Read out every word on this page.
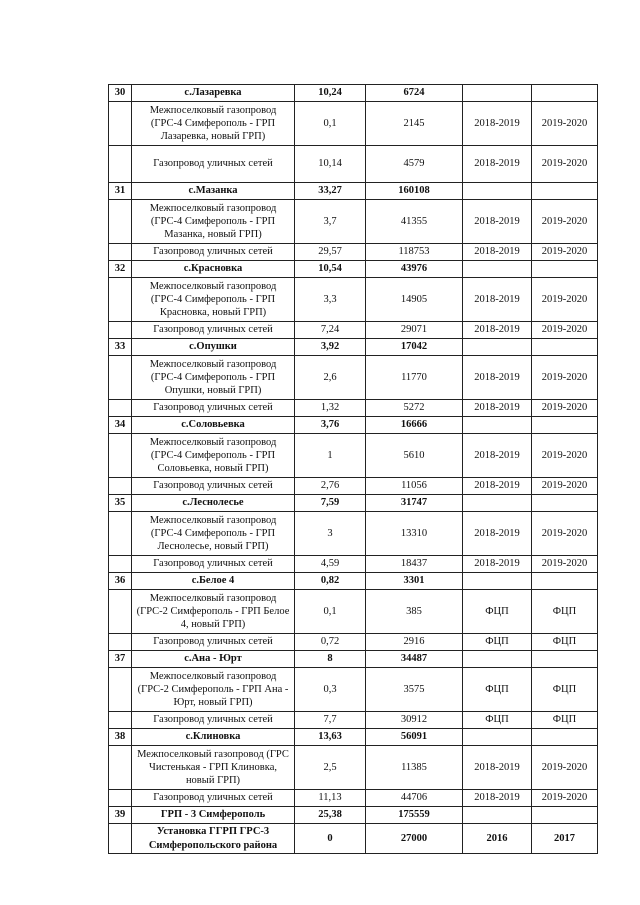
30	с.Лазаревка	10,24	6724		
	Межпоселковый газопровод (ГРС-4 Симферополь - ГРП Лазаревка, новый ГРП)	0,1	2145	2018-2019	2019-2020
	Газопровод уличных сетей	10,14	4579	2018-2019	2019-2020
31	с.Мазанка	33,27	160108		
	Межпоселковый газопровод (ГРС-4 Симферополь - ГРП Мазанка, новый ГРП)	3,7	41355	2018-2019	2019-2020
	Газопровод уличных сетей	29,57	118753	2018-2019	2019-2020
32	с.Красновка	10,54	43976		
	Межпоселковый газопровод (ГРС-4 Симферополь - ГРП Красновка, новый ГРП)	3,3	14905	2018-2019	2019-2020
	Газопровод уличных сетей	7,24	29071	2018-2019	2019-2020
33	с.Опушки	3,92	17042		
	Межпоселковый газопровод (ГРС-4 Симферополь - ГРП Опушки, новый ГРП)	2,6	11770	2018-2019	2019-2020
	Газопровод уличных сетей	1,32	5272	2018-2019	2019-2020
34	с.Соловьевка	3,76	16666		
	Межпоселковый газопровод (ГРС-4 Симферополь - ГРП Соловьевка, новый ГРП)	1	5610	2018-2019	2019-2020
	Газопровод уличных сетей	2,76	11056	2018-2019	2019-2020
35	с.Леснолесье	7,59	31747		
	Межпоселковый газопровод (ГРС-4 Симферополь - ГРП Леснолесье, новый ГРП)	3	13310	2018-2019	2019-2020
	Газопровод уличных сетей	4,59	18437	2018-2019	2019-2020
36	с.Белое 4	0,82	3301		
	Межпоселковый газопровод (ГРС-2 Симферополь - ГРП Белое 4, новый ГРП)	0,1	385	ФЦП	ФЦП
	Газопровод уличных сетей	0,72	2916	ФЦП	ФЦП
37	с.Ана - Юрт	8	34487		
	Межпоселковый газопровод (ГРС-2 Симферополь - ГРП Ана - Юрт, новый ГРП)	0,3	3575	ФЦП	ФЦП
	Газопровод уличных сетей	7,7	30912	ФЦП	ФЦП
38	с.Клиновка	13,63	56091		
	Межпоселковый газопровод (ГРС Чистенькая - ГРП Клиновка, новый ГРП)	2,5	11385	2018-2019	2019-2020
	Газопровод уличных сетей	11,13	44706	2018-2019	2019-2020
39	ГРП - 3 Симферополь	25,38	175559		
	Установка ГГРП ГРС-3 Симферопольского района	0	27000	2016	2017
